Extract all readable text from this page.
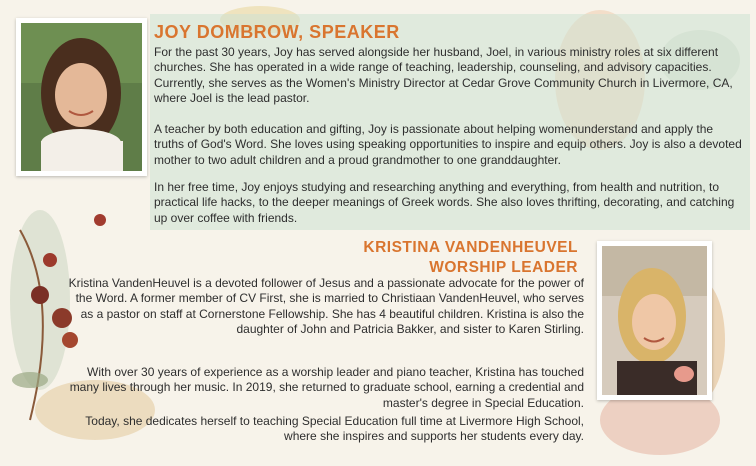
JOY DOMBROW, SPEAKER

For the past 30 years, Joy has served alongside her husband, Joel, in various ministry roles at six different churches. She has operated in a wide range of teaching, leadership, counseling, and advisory capacities. Currently, she serves as the Women's Ministry Director at Cedar Grove Community Church in Livermore, CA, where Joel is the lead pastor.

A teacher by both education and gifting, Joy is passionate about helping womenunderstand and apply the truths of God's Word. She loves using speaking opportunities to inspire and equip others. Joy is also a devoted mother to two adult children and a proud grandmother to one granddaughter.

In her free time, Joy enjoys studying and researching anything and everything, from health and nutrition, to practical life hacks, to the deeper meanings of Greek words. She also loves thrifting, decorating, and catching up over coffee with friends.

KRISTINA VANDENHEUVEL
WORSHIP LEADER

Kristina VandenHeuvel is a devoted follower of Jesus and a passionate advocate for the power of the Word. A former member of CV First, she is married to Christiaan VandenHeuvel, who serves as a pastor on staff at Cornerstone Fellowship. She has 4 beautiful children. Kristina is also the daughter of John and Patricia Bakker, and sister to Karen Stirling.

With over 30 years of experience as a worship leader and piano teacher, Kristina has touched many lives through her music. In 2019, she returned to graduate school, earning a credential and master's degree in Special Education.

Today, she dedicates herself to teaching Special Education full time at Livermore High School, where she inspires and supports her students every day.
